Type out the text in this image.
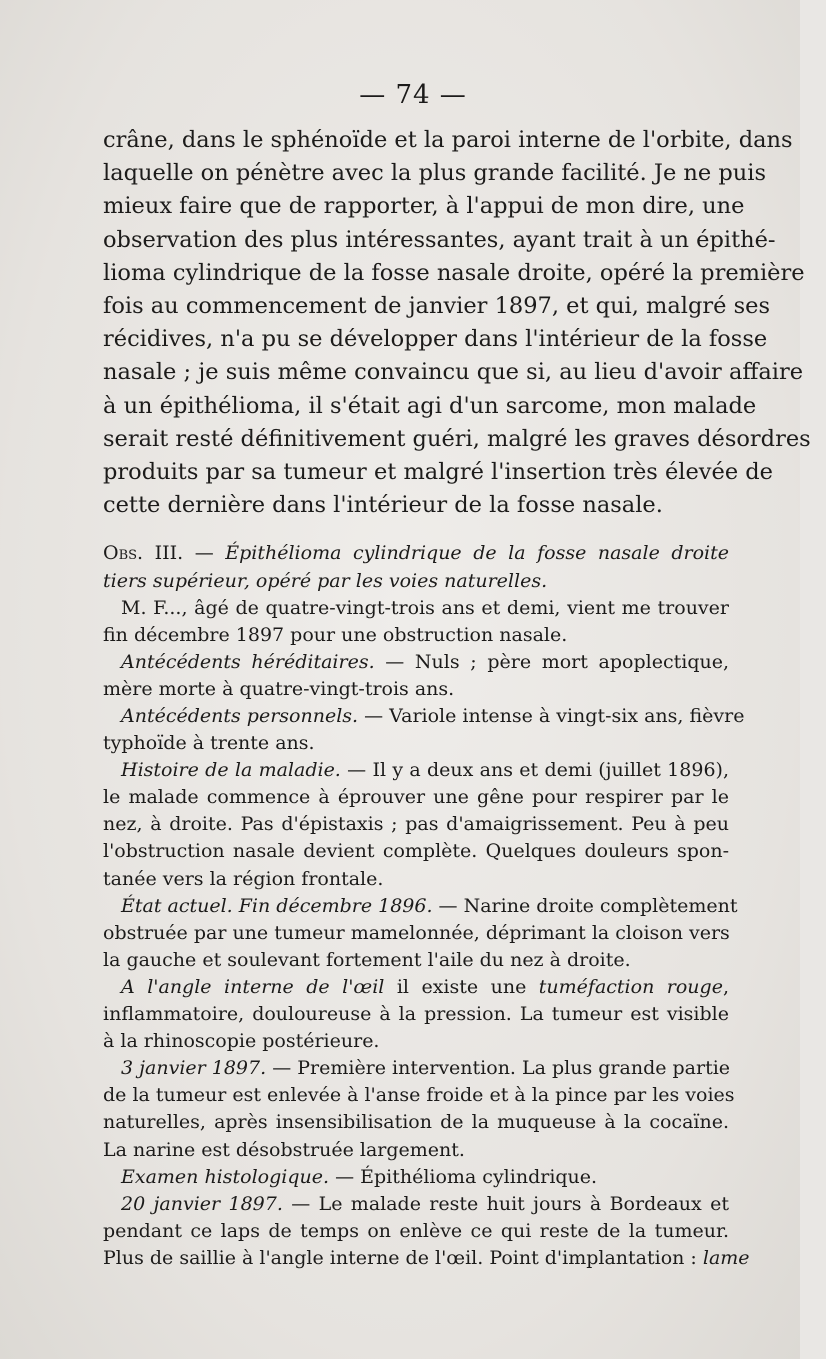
— 74 —

crâne, dans le sphénoïde et la paroi interne de l'orbite, dans
laquelle on pénètre avec la plus grande facilité. Je ne puis
mieux faire que de rapporter, à l'appui de mon dire, une
observation des plus intéressantes, ayant trait à un épithé-
lioma cylindrique de la fosse nasale droite, opéré la première
fois au commencement de janvier 1897, et qui, malgré ses
récidives, n'a pu se développer dans l'intérieur de la fosse
nasale ; je suis même convaincu que si, au lieu d'avoir affaire
à un épithélioma, il s'était agi d'un sarcome, mon malade
serait resté définitivement guéri, malgré les graves désordres
produits par sa tumeur et malgré l'insertion très élevée de
cette dernière dans l'intérieur de la fosse nasale.

Obs. III. — Épithélioma cylindrique de la fosse nasale droite
tiers supérieur, opéré par les voies naturelles.
M. F..., âgé de quatre-vingt-trois ans et demi, vient me trouver
fin décembre 1897 pour une obstruction nasale.
Antécédents héréditaires. — Nuls ; père mort apoplectique,
mère morte à quatre-vingt-trois ans.
Antécédents personnels. — Variole intense à vingt-six ans, fièvre
typhoïde à trente ans.
Histoire de la maladie. — Il y a deux ans et demi (juillet 1896),
le malade commence à éprouver une gêne pour respirer par le
nez, à droite. Pas d'épistaxis ; pas d'amaigrissement. Peu à peu
l'obstruction nasale devient complète. Quelques douleurs spon-
tanée vers la région frontale.
État actuel. Fin décembre 1896. — Narine droite complètement
obstruée par une tumeur mamelonnée, déprimant la cloison vers
la gauche et soulevant fortement l'aile du nez à droite.
A l'angle interne de l'œil il existe une tuméfaction rouge,
inflammatoire, douloureuse à la pression. La tumeur est visible
à la rhinoscopie postérieure.
3 janvier 1897. — Première intervention. La plus grande partie
de la tumeur est enlevée à l'anse froide et à la pince par les voies
naturelles, après insensibilisation de la muqueuse à la cocaïne.
La narine est désobstruée largement.
Examen histologique. — Épithélioma cylindrique.
20 janvier 1897. — Le malade reste huit jours à Bordeaux et
pendant ce laps de temps on enlève ce qui reste de la tumeur.
Plus de saillie à l'angle interne de l'œil. Point d'implantation : lame
